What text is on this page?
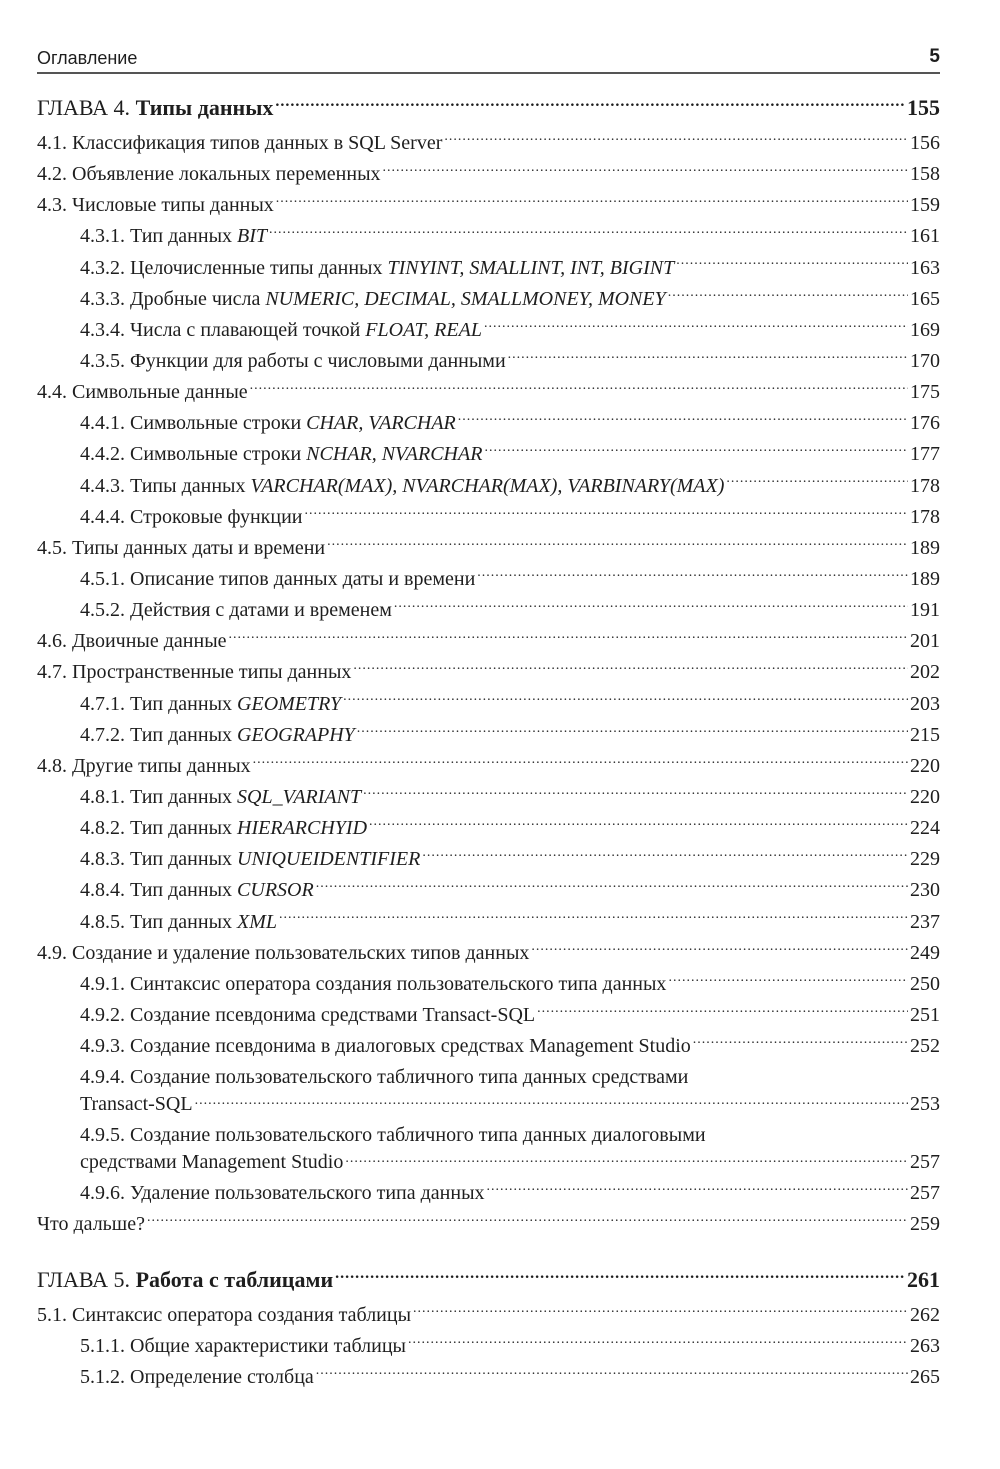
Оглавление	5
ГЛАВА 4. Типы данных .....	155
4.1. Классификация типов данных в SQL Server .....	156
4.2. Объявление локальных переменных .....	158
4.3. Числовые типы данных .....	159
4.3.1. Тип данных BIT .....	161
4.3.2. Целочисленные типы данных TINYINT, SMALLINT, INT, BIGINT .....	163
4.3.3. Дробные числа NUMERIC, DECIMAL, SMALLMONEY, MONEY .....	165
4.3.4. Числа с плавающей точкой FLOAT, REAL .....	169
4.3.5. Функции для работы с числовыми данными .....	170
4.4. Символьные данные .....	175
4.4.1. Символьные строки CHAR, VARCHAR .....	176
4.4.2. Символьные строки NCHAR, NVARCHAR .....	177
4.4.3. Типы данных VARCHAR(MAX), NVARCHAR(MAX), VARBINARY(MAX) .....	178
4.4.4. Строковые функции .....	178
4.5. Типы данных даты и времени .....	189
4.5.1. Описание типов данных даты и времени .....	189
4.5.2. Действия с датами и временем .....	191
4.6. Двоичные данные .....	201
4.7. Пространственные типы данных .....	202
4.7.1. Тип данных GEOMETRY .....	203
4.7.2. Тип данных GEOGRAPHY .....	215
4.8. Другие типы данных .....	220
4.8.1. Тип данных SQL_VARIANT .....	220
4.8.2. Тип данных HIERARCHYID .....	224
4.8.3. Тип данных UNIQUEIDENTIFIER .....	229
4.8.4. Тип данных CURSOR .....	230
4.8.5. Тип данных XML .....	237
4.9. Создание и удаление пользовательских типов данных .....	249
4.9.1. Синтаксис оператора создания пользовательского типа данных .....	250
4.9.2. Создание псевдонима средствами Transact-SQL .....	251
4.9.3. Создание псевдонима в диалоговых средствах Management Studio .....	252
4.9.4. Создание пользовательского табличного типа данных средствами
Transact-SQL .....	253
4.9.5. Создание пользовательского табличного типа данных диалоговыми
средствами Management Studio .....	257
4.9.6. Удаление пользовательского типа данных .....	257
Что дальше? .....	259
ГЛАВА 5. Работа с таблицами .....	261
5.1. Синтаксис оператора создания таблицы .....	262
5.1.1. Общие характеристики таблицы .....	263
5.1.2. Определение столбца .....	265
